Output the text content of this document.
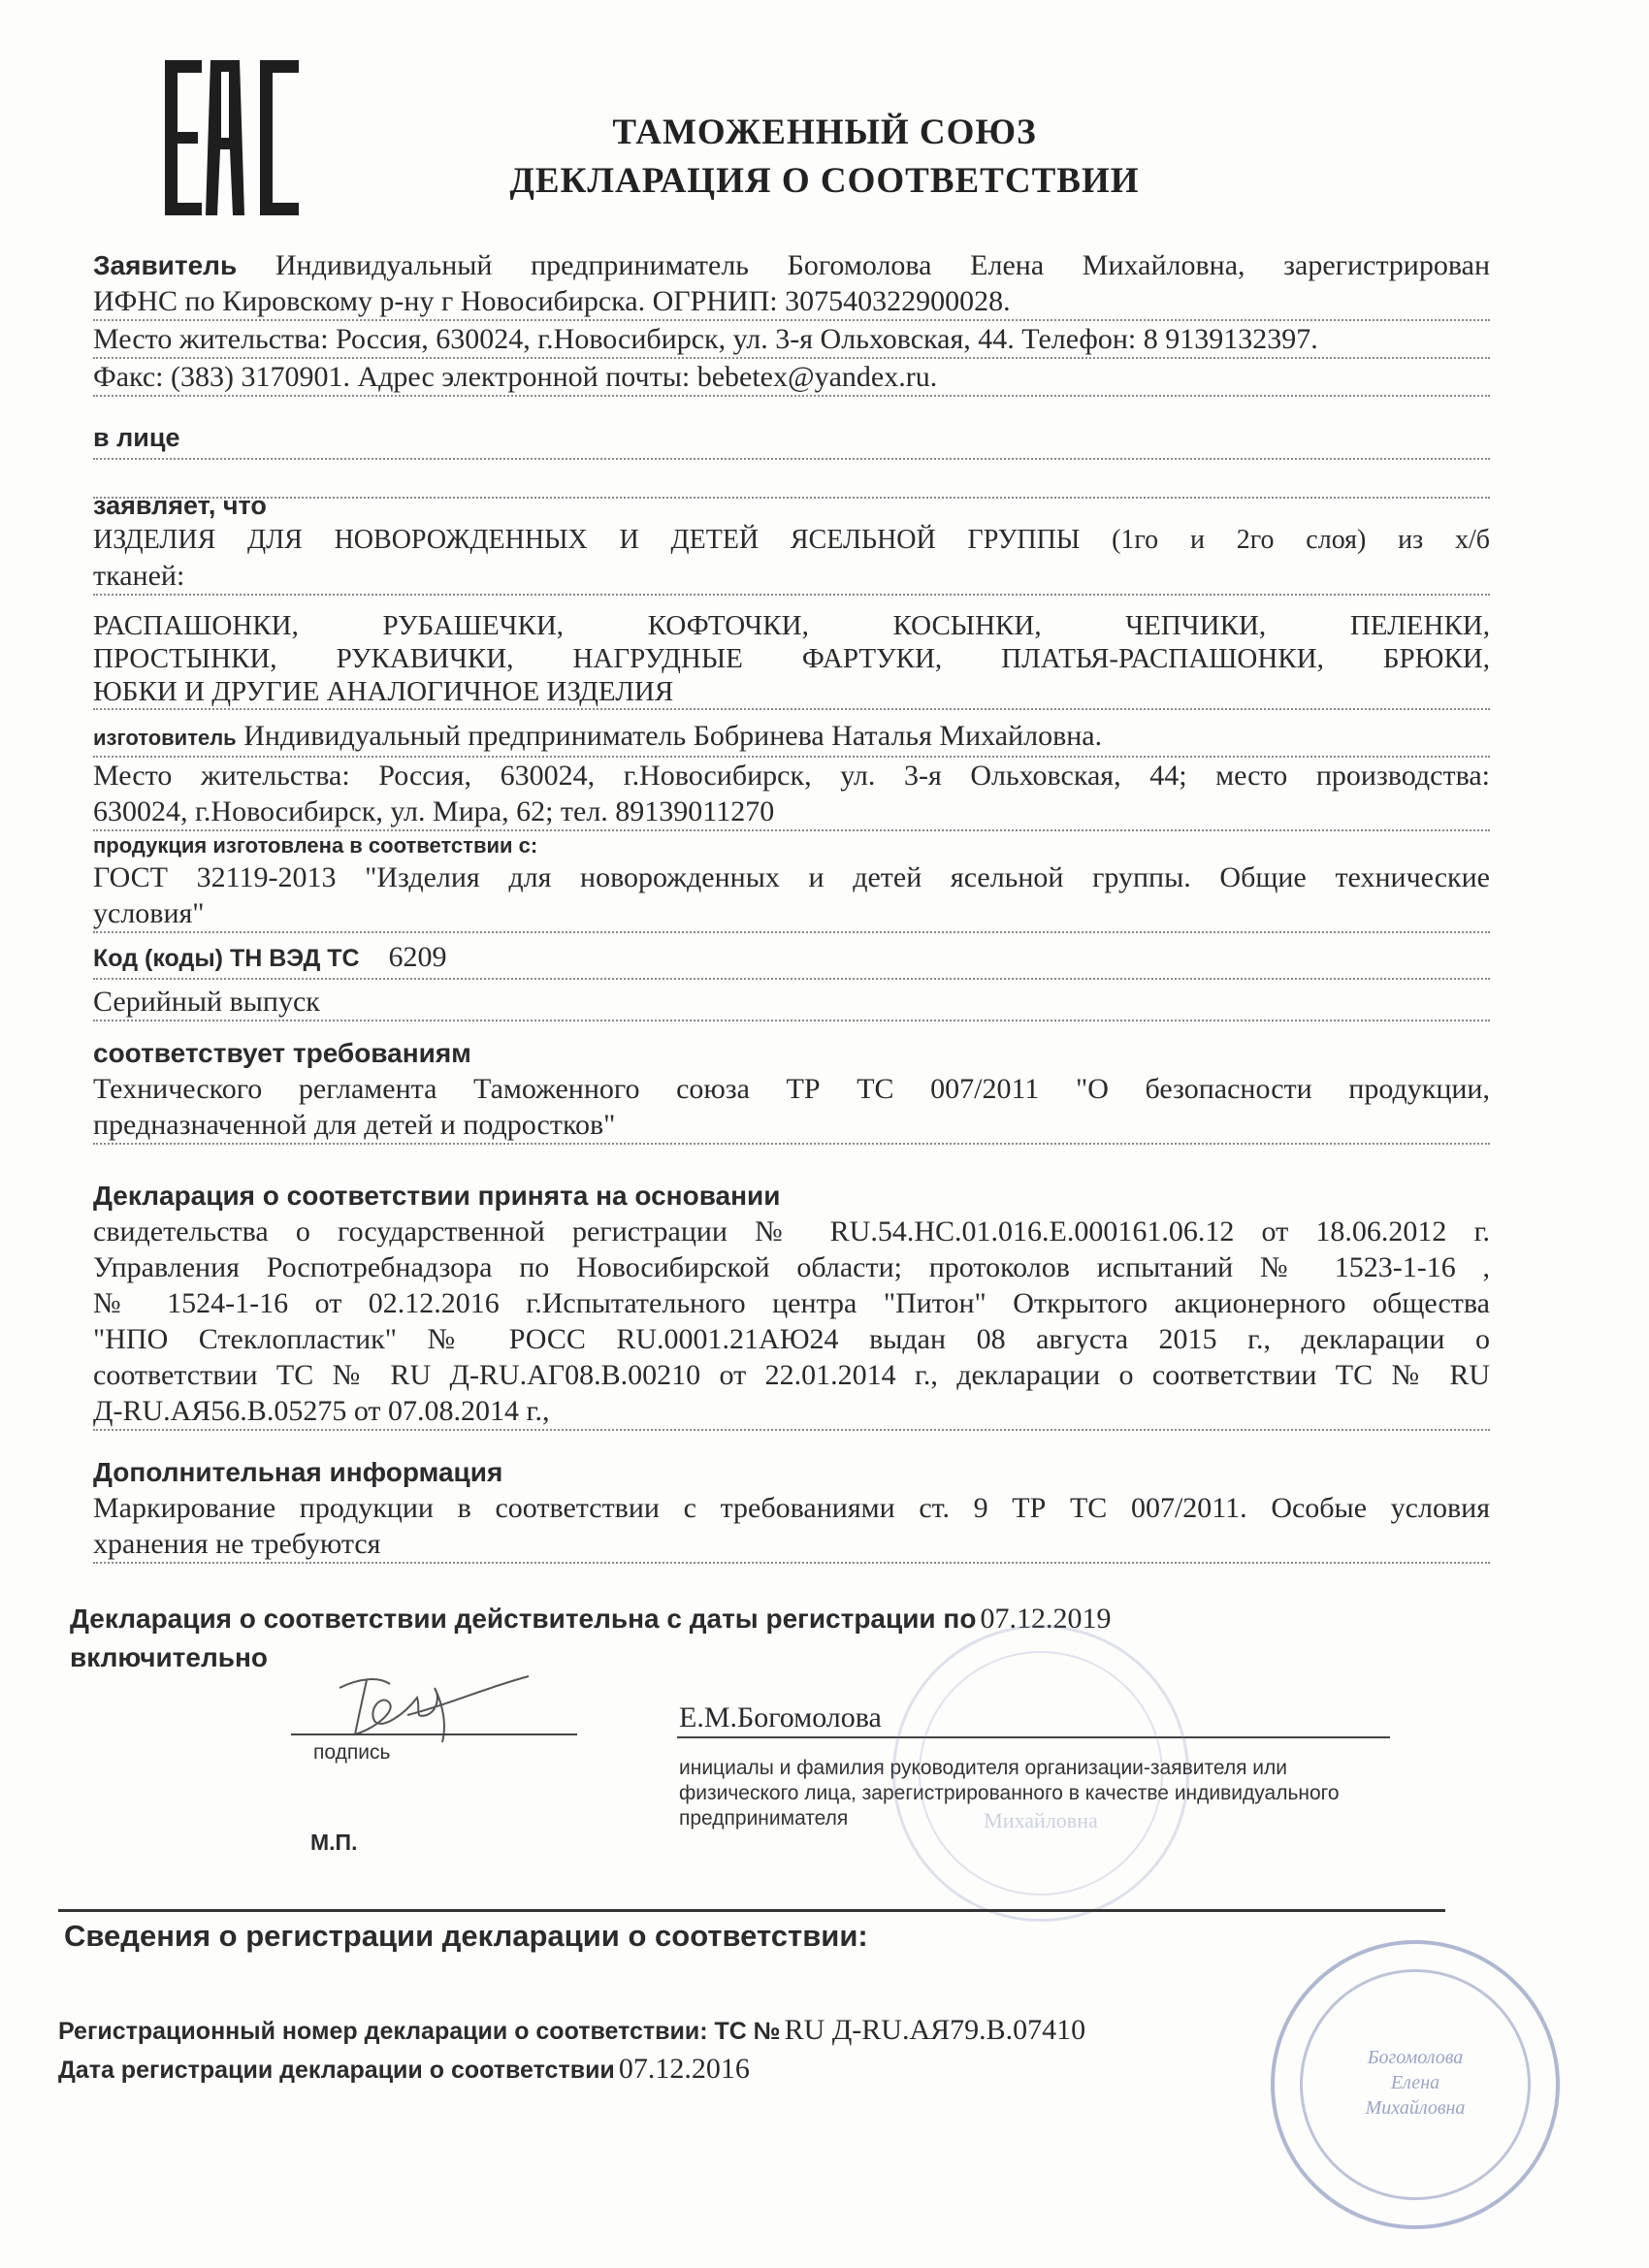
ТАМОЖЕННЫЙ СОЮЗ
ДЕКЛАРАЦИЯ О СООТВЕТСТВИИ
Заявитель Индивидуальный предприниматель Богомолова Елена Михайловна, зарегистрирован
ИФНС по Кировскому р-ну г Новосибирска. ОГРНИП: 307540322900028.
Место жительства: Россия, 630024, г.Новосибирск, ул. 3-я Ольховская, 44. Телефон: 8 9139132397.
Факс: (383) 3170901. Адрес электронной почты: bebetex@yandex.ru.
в лице
заявляет, что
ИЗДЕЛИЯ ДЛЯ НОВОРОЖДЕННЫХ И ДЕТЕЙ ЯСЕЛЬНОЙ ГРУППЫ (1го и 2го слоя) из х/б
тканей:
РАСПАШОНКИ, РУБАШЕЧКИ, КОФТОЧКИ, КОСЫНКИ, ЧЕПЧИКИ, ПЕЛЕНКИ,
ПРОСТЫНКИ, РУКАВИЧКИ, НАГРУДНЫЕ ФАРТУКИ, ПЛАТЬЯ-РАСПАШОНКИ, БРЮКИ,
ЮБКИ И ДРУГИЕ АНАЛОГИЧНОЕ ИЗДЕЛИЯ
изготовитель Индивидуальный предприниматель Бобринева Наталья Михайловна.
Место жительства: Россия, 630024, г.Новосибирск, ул. 3-я Ольховская, 44; место производства:
630024, г.Новосибирск, ул. Мира, 62; тел. 89139011270
продукция изготовлена в соответствии с:
ГОСТ 32119-2013 "Изделия для новорожденных и детей ясельной группы. Общие технические
условия"
Код (коды) ТН ВЭД ТС 6209
Серийный выпуск
соответствует требованиям
Технического регламента Таможенного союза ТР ТС 007/2011 "О безопасности продукции,
предназначенной для детей и подростков"
Декларация о соответствии принята на основании
свидетельства о государственной регистрации № RU.54.НС.01.016.Е.000161.06.12 от 18.06.2012 г.
Управления Роспотребнадзора по Новосибирской области; протоколов испытаний № 1523-1-16 ,
№ 1524-1-16 от 02.12.2016 г.Испытательного центра "Питон" Открытого акционерного общества
"НПО Стеклопластик" № РОСС RU.0001.21АЮ24 выдан 08 августа 2015 г., декларации о
соответствии ТС № RU Д-RU.АГ08.В.00210 от 22.01.2014 г., декларации о соответствии ТС № RU
Д-RU.АЯ56.В.05275 от 07.08.2014 г.,
Дополнительная информация
Маркирование продукции в соответствии с требованиями ст. 9 ТР ТС 007/2011. Особые условия
хранения не требуются
Декларация о соответствии действительна с даты регистрации по 07.12.2019
включительно
подпись
Е.М.Богомолова
инициалы и фамилия руководителя организации-заявителя или
физического лица, зарегистрированного в качестве индивидуального
предпринимателя
М.П.
Михайловна
Сведения о регистрации декларации о соответствии:
Регистрационный номер декларации о соответствии: ТС № RU Д-RU.АЯ79.В.07410
Дата регистрации декларации о соответствии 07.12.2016	Богомолова Елена Михайловна
